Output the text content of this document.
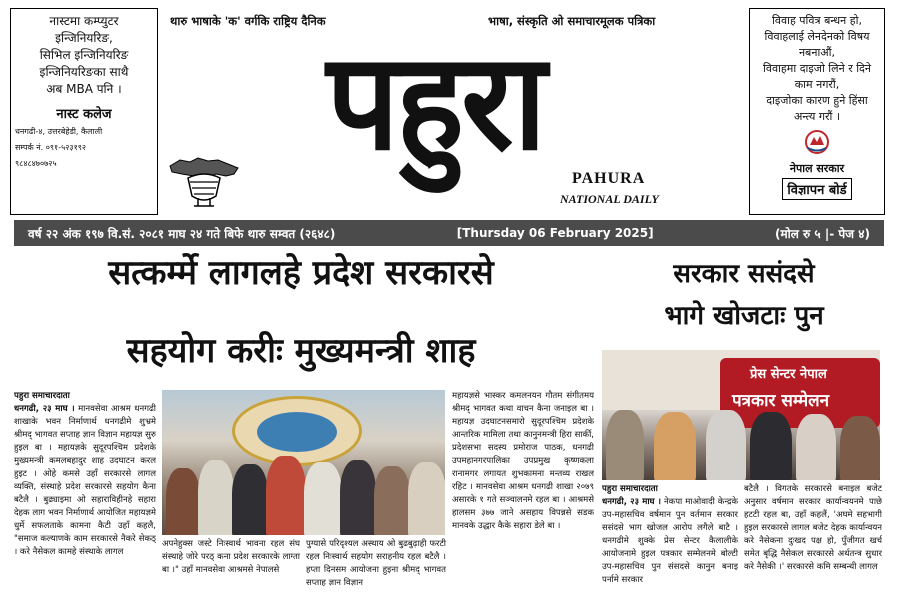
नास्टमा कम्प्युटर
इन्जिनियरिङ,
सिभिल इन्जिनियरिङ
इन्जिनियरिङका साथै
अब MBA पनि ।
नास्ट कलेज
धनगढी-४, उत्तरबेहेडी, कैलाली
सम्पर्क नं. ०९१-५२३१९२
९८४८४७०७२५
थारु भाषाके 'क' वर्गकि राष्ट्रिय दैनिक	भाषा, संस्कृति ओ समाचारमूलक पत्रिका
पहुरा	PAHURA
NATIONAL DAILY
विवाह पवित्र बन्धन हो,
विवाहलाई लेनदेनको विषय
नबनाऔं,
विवाहमा दाइजो लिने र दिने
काम नगरौं,
दाइजोका कारण हुने हिंसा
अन्त्य गरौं ।
नेपाल सरकार
विज्ञापन बोर्ड
वर्ष २२ अंक १९७ वि.सं. २०८१ माघ २४ गते बिफे थारु सम्वत (२६४८)	[Thursday 06 February 2025]	(मोल रु ५ |- पेज ४)
सत्कर्म्मे लागलहे प्रदेश सरकारसे
सहयोग करीः मुख्यमन्त्री शाह
सरकार ससंदसे
भागे खोजटाः पुन
पहुरा समाचारदाता
धनगढी, २३ माघ । मानवसेवा आश्रम धनगढी शाखाके भवन निर्माणार्थ धनगढीमे शुभ्रमे श्रीमद् भागवत सप्ताह ज्ञान विज्ञान महायज्ञ सुरु हुइल बा । महायज्ञके सुदूरपश्चिम प्रदेशके मुख्यमन्त्री कमलबहादुर शाह उदघाटन करल हुइट । ओहे कमसे उहाँ सरकारसे लागल व्यक्ति, संस्थाहे प्रदेश सरकारसे सहयोग कैना बटैलै । बुढ्याइमा ओ सहाराविहीनहे सहारा देहक लाग भवन निर्माणार्थ आयोजित महायज्ञमे धुर्मे सफलताके कामना कैटी उहाँ कहलै, "समाज कल्याणके काम सरकारसे नैकरे सेकठ् । करे नैसेकल कामहे संस्थाके लागल
अपनेहुक्स जस्टे निःस्वार्थ भावना रहल संघ संस्थाहे जोरे परठ् कना प्रदेश सरकारके लाग्ता बा ।" उहाँ मानवसेवा आश्रमसे नेपालसे
पुग्यासे परिदृश्यल अस्थाय ओ बुढबुढ़ाही फरटी रहल निःस्वार्थ सहयोग सराहनीय रहल बटैलै । हप्ता दिनसम आयोजना हुइना श्रीमद् भागवत सप्ताह ज्ञान विज्ञान
महायज्ञसे भास्कर कमलनयन गौतम संगीतमय श्रीमद् भागवत कथा वाचन कैना जनाइल बा । महायज्ञ उदघाटनसमारो सुदूरपश्चिम प्रदेशके आन्तरिक मामिला तथा कानुनमन्त्री हिरा सार्की, प्रदेशसभा सदस्य प्रमोराज पाठक, धनगढी उपमहानगरपालिका उपप्रमुख कृष्णकला रानामगर लगायत शुभकामना मन्तव्य राखल रहिट । मानवसेवा आश्रम धनगढी शाखा २०७९ असारके १ गते सञ्चालनमे रहल बा । आश्रमसे हालसम ३७७ जाने असहाय विपन्नसे सडक मानवके उद्धार कैके सहारा डेले बा ।
प्रेस सेन्टर नेपाल
पत्रकार सम्मेलन
पहुरा समाचारदाता
धनगढी, २३ माघ । नेकपा माओवादी केन्द्रके उप-महासचिव वर्षमान पुन वर्तमान सरकार ससंदसे भाग खोजल आरोप लगैले बाटै । धनगढीमे शुक्के प्रेस सेन्टर कैलालीके आयोजनामे हुइल पत्रकार सम्मेलनमे बोल्टी उप-महासचिव पुन संसदसे कानुन बनाइ पर्नामे सरकार
बटैलै । विगतके सरकारसे बनाइल बजेट अनुसार वर्षमान सरकार कार्यान्वयनमे पाछे हटटी रहल बा, उहाँ कहलैं, 'अघमे सहभागी हुइल सरकारसे लागल बजेट देहक कार्यान्वयन करे नैसेकना दुःखद पक्ष हो, पुँजीगत खर्च समेत बृद्धि नैसेकल सरकारसे अर्थतन्त्र सुधार करे नैसेकी ।' सरकारसे कमि सम्बन्धी लागल
